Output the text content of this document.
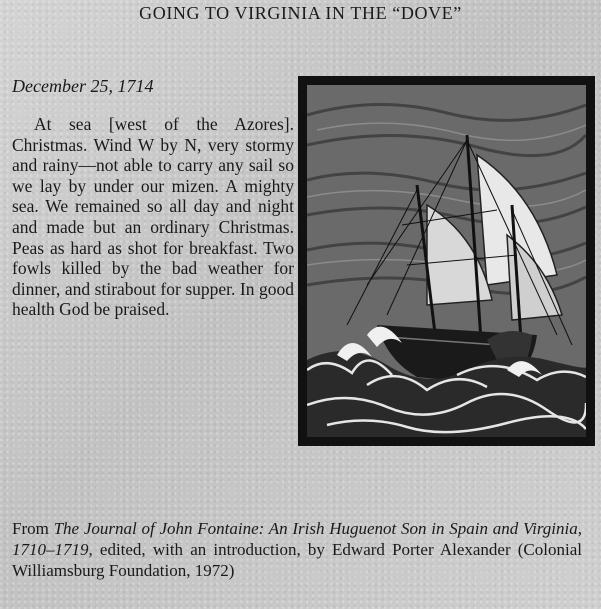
GOING TO VIRGINIA IN THE “DOVE”

December 25, 1714

At sea [west of the Azores]. Christmas. Wind W by N, very stormy and rainy—not able to carry any sail so we lay by under our mizen. A mighty sea. We remained so all day and night and made but an ordinary Christmas. Peas as hard as shot for breakfast. Two fowls killed by the bad weather for dinner, and stirabout for supper. In good health God be praised.

From The Journal of John Fontaine: An Irish Huguenot Son in Spain and Virginia, 1710–1719, edited, with an introduction, by Edward Porter Alexander (Colonial Williamsburg Foundation, 1972)
